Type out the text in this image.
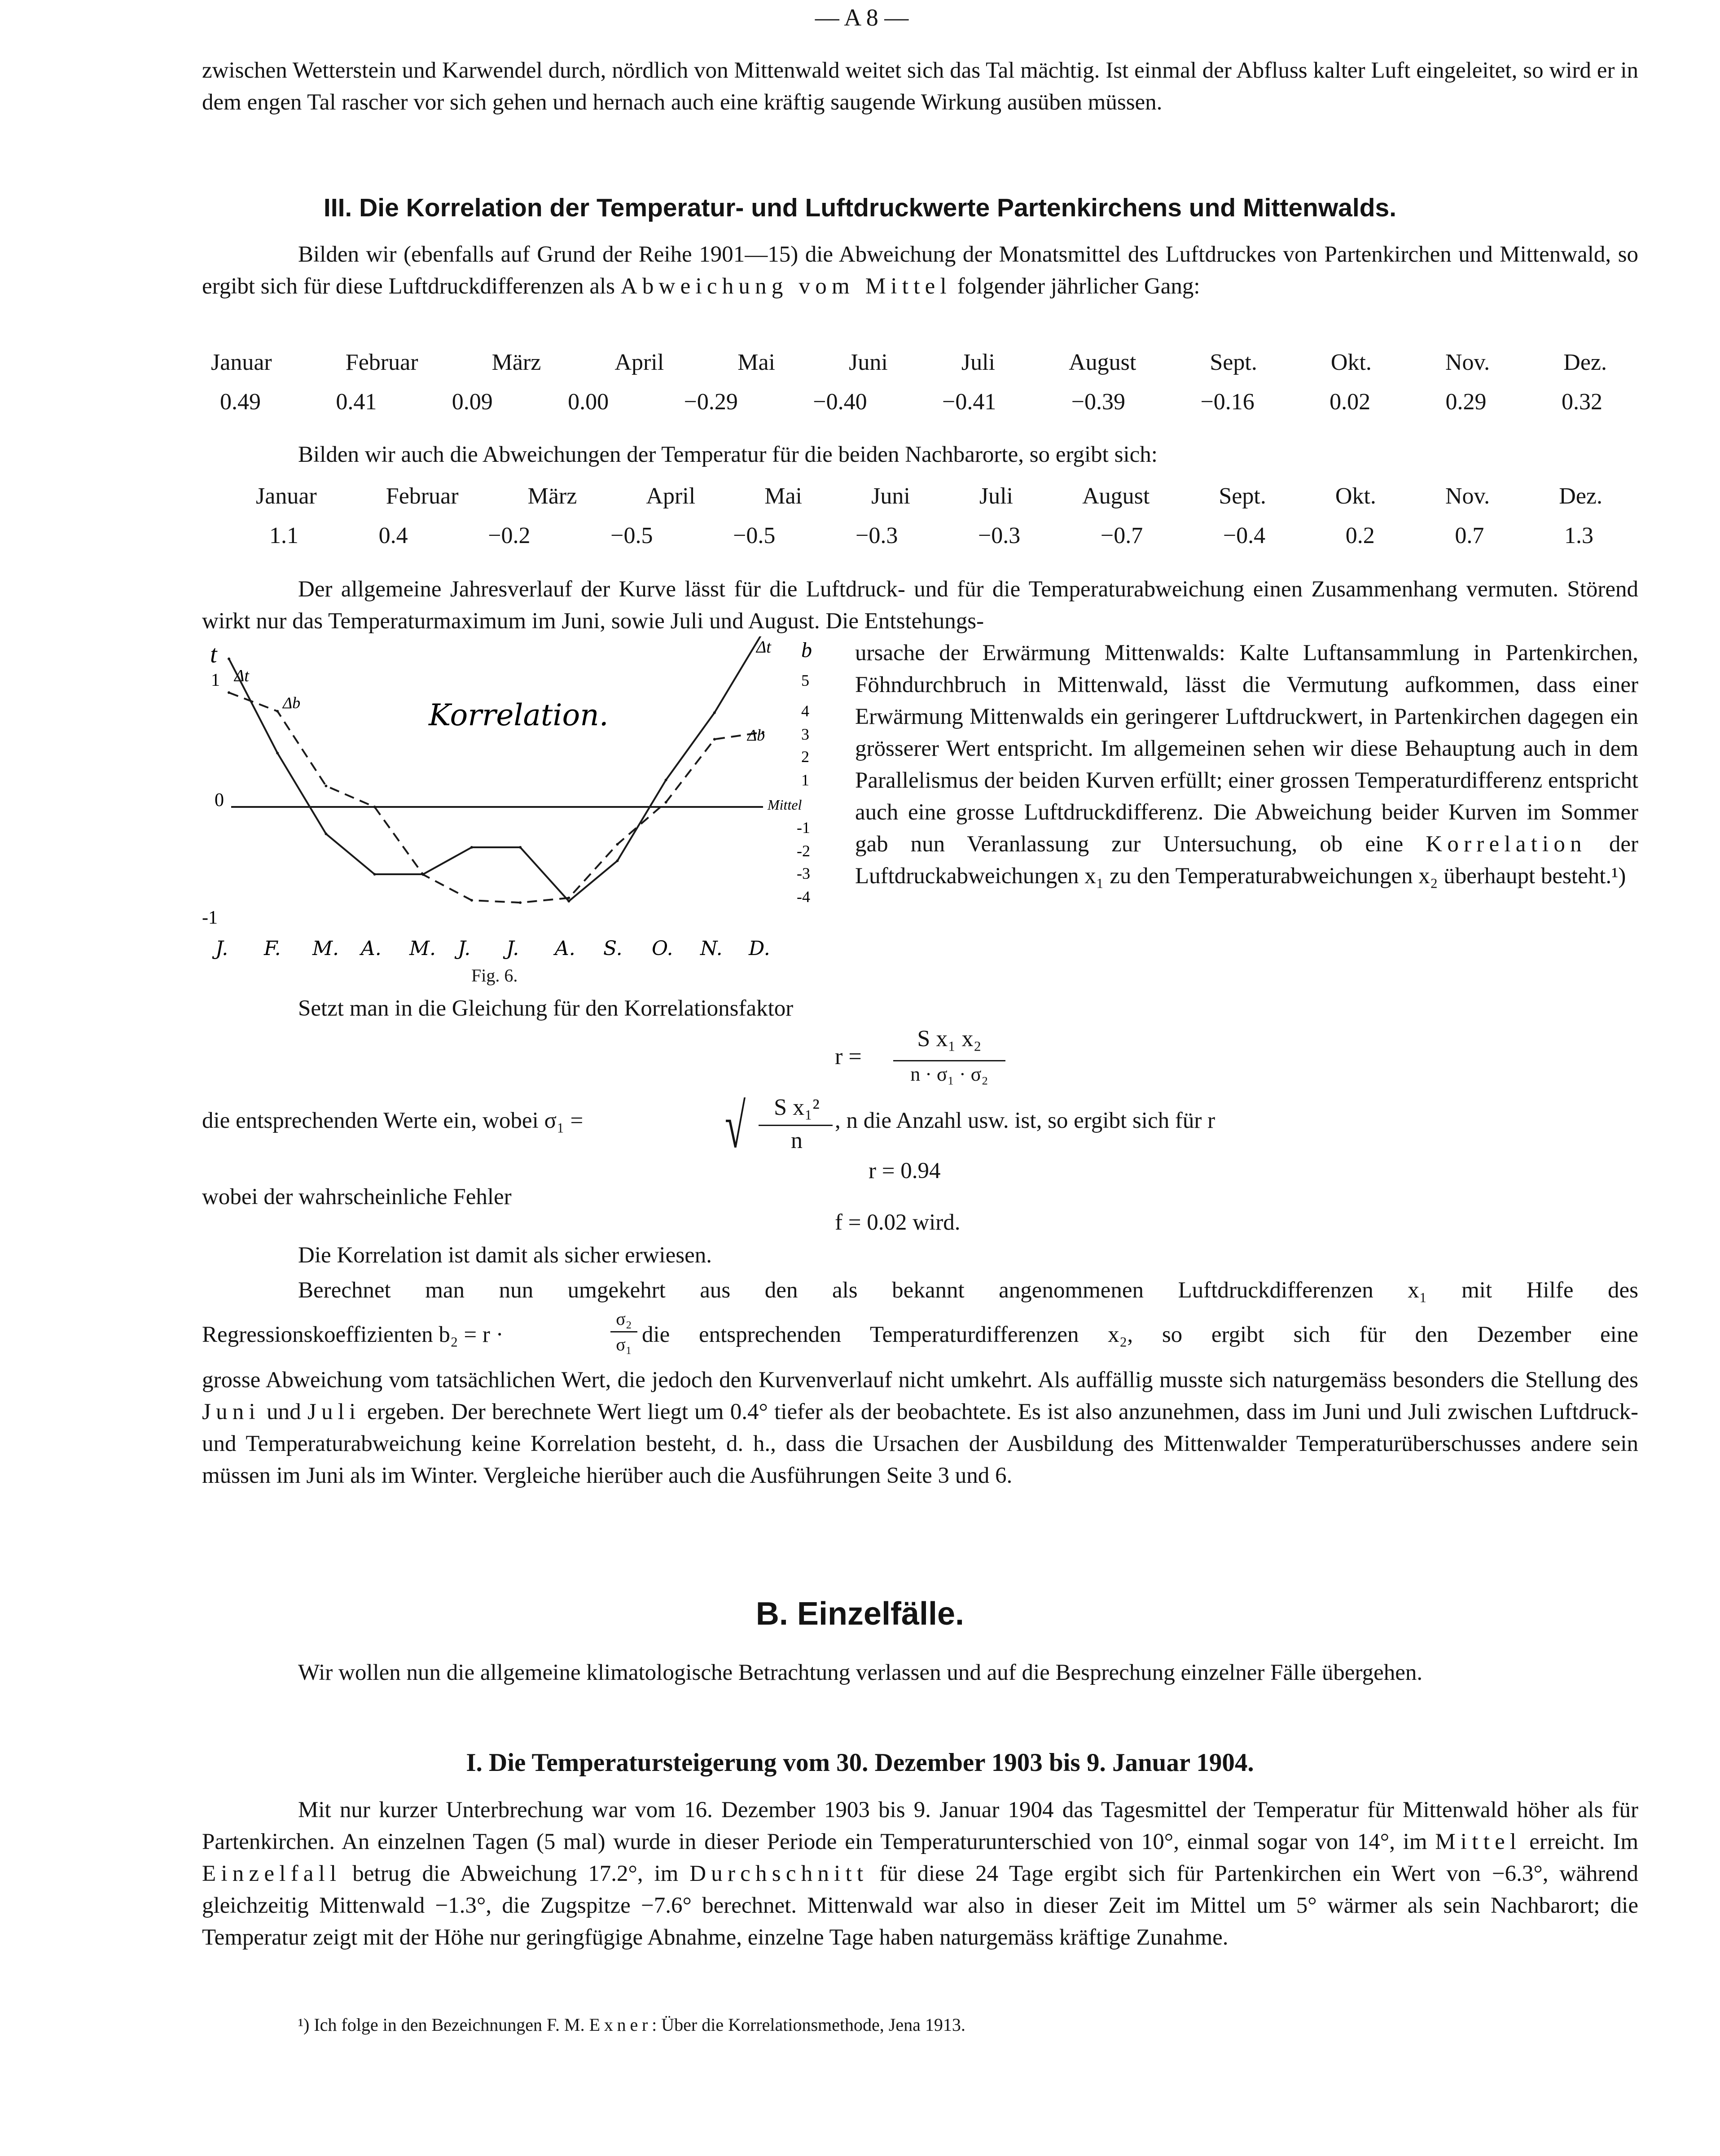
— A 8 —
zwischen Wetterstein und Karwendel durch, nördlich von Mittenwald weitet sich das Tal mächtig. Ist einmal der Abfluss kalter Luft eingeleitet, so wird er in dem engen Tal rascher vor sich gehen und hernach auch eine kräftig saugende Wirkung ausüben müssen.
III. Die Korrelation der Temperatur- und Luftdruckwerte Partenkirchens und Mittenwalds.
Bilden wir (ebenfalls auf Grund der Reihe 1901—15) die Abweichung der Monatsmittel des Luftdruckes von Partenkirchen und Mittenwald, so ergibt sich für diese Luftdruckdifferenzen als Abweichung vom Mittel folgender jährlicher Gang:
Januar	Februar	März	April	Mai	Juni	Juli	August	Sept.	Okt.	Nov.	Dez.
0.49	0.41	0.09	0.00	−0.29	−0.40	−0.41	−0.39	−0.16	0.02	0.29	0.32
Bilden wir auch die Abweichungen der Temperatur für die beiden Nachbarorte, so ergibt sich:
Januar	Februar	März	April	Mai	Juni	Juli	August	Sept.	Okt.	Nov.	Dez.
1.1	0.4	−0.2	−0.5	−0.5	−0.3	−0.3	−0.7	−0.4	0.2	0.7	1.3
Der allgemeine Jahresverlauf der Kurve lässt für die Luftdruck- und für die Temperaturabweichung einen Zusammenhang vermuten. Störend wirkt nur das Temperaturmaximum im Juni, sowie Juli und August. Die Entstehungs-
t
1 Δt
Δb
0
-1
Korrelation.
Δt
Δb
b
5
4
3
2
1
Mittel
-1
-2
-3
-4
J. F. M. A. M. J. J. A. S. O. N. D.
Fig. 6.
ursache der Erwärmung Mittenwalds: Kalte Luftansammlung in Partenkirchen, Föhndurchbruch in Mittenwald, lässt die Vermutung aufkommen, dass einer Erwärmung Mittenwalds ein geringerer Luftdruckwert, in Partenkirchen dagegen ein grösserer Wert entspricht. Im allgemeinen sehen wir diese Behauptung auch in dem Parallelismus der beiden Kurven erfüllt; einer grossen Temperaturdifferenz entspricht auch eine grosse Luftdruckdifferenz. Die Abweichung beider Kurven im Sommer gab nun Veranlassung zur Untersuchung, ob eine Korrelation der Luftdruckabweichungen x₁ zu den Temperaturabweichungen x₂ überhaupt besteht.¹)
Setzt man in die Gleichung für den Korrelationsfaktor
r =
S x₁ x₂
n · σ₁ · σ₂
die entsprechenden Werte ein, wobei σ₁ = √	S x₁²
n
, n die Anzahl usw. ist, so ergibt sich für r
r = 0.94
wobei der wahrscheinliche Fehler
f = 0.02 wird.
Die Korrelation ist damit als sicher erwiesen.
Berechnet man nun umgekehrt aus den als bekannt angenommenen Luftdruckdifferenzen x₁ mit Hilfe des
Regressionskoeffizienten b₂ = r ·
σ₂
σ₁ die entsprechenden Temperaturdifferenzen x₂, so ergibt sich für den Dezember eine
grosse Abweichung vom tatsächlichen Wert, die jedoch den Kurvenverlauf nicht umkehrt. Als auffällig musste sich naturgemäss besonders die Stellung des Juni und Juli ergeben. Der berechnete Wert liegt um 0.4° tiefer als der beobachtete. Es ist also anzunehmen, dass im Juni und Juli zwischen Luftdruck- und Temperaturabweichung keine Korrelation besteht, d. h., dass die Ursachen der Ausbildung des Mittenwalder Temperaturüberschusses andere sein müssen im Juni als im Winter. Vergleiche hierüber auch die Ausführungen Seite 3 und 6.
B. Einzelfälle.
Wir wollen nun die allgemeine klimatologische Betrachtung verlassen und auf die Besprechung einzelner Fälle übergehen.
I. Die Temperatursteigerung vom 30. Dezember 1903 bis 9. Januar 1904.
Mit nur kurzer Unterbrechung war vom 16. Dezember 1903 bis 9. Januar 1904 das Tagesmittel der Temperatur für Mittenwald höher als für Partenkirchen. An einzelnen Tagen (5 mal) wurde in dieser Periode ein Temperaturunterschied von 10°, einmal sogar von 14°, im Mittel erreicht. Im Einzelfall betrug die Abweichung 17.2°, im Durchschnitt für diese 24 Tage ergibt sich für Partenkirchen ein Wert von −6.3°, während gleichzeitig Mittenwald −1.3°, die Zugspitze −7.6° berechnet. Mittenwald war also in dieser Zeit im Mittel um 5° wärmer als sein Nachbarort; die Temperatur zeigt mit der Höhe nur geringfügige Abnahme, einzelne Tage haben naturgemäss kräftige Zunahme.
¹) Ich folge in den Bezeichnungen F. M. Exner: Über die Korrelationsmethode, Jena 1913.
